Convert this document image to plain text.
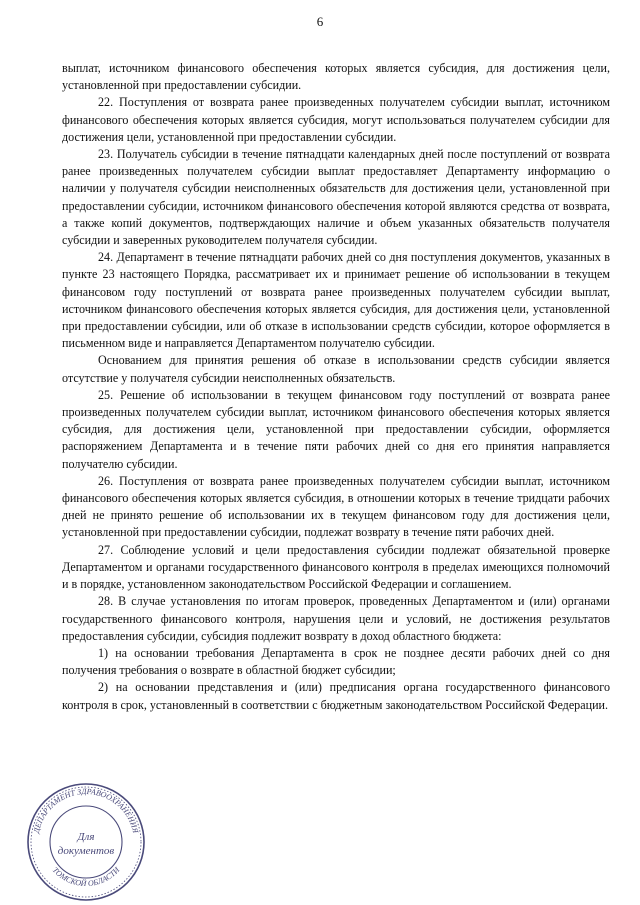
6

выплат, источником финансового обеспечения которых является субсидия, для достижения цели, установленной при предоставлении субсидии.

22. Поступления от возврата ранее произведенных получателем субсидии выплат, источником финансового обеспечения которых является субсидия, могут использоваться получателем субсидии для достижения цели, установленной при предоставлении субсидии.

23. Получатель субсидии в течение пятнадцати календарных дней после поступлений от возврата ранее произведенных получателем субсидии выплат предоставляет Департаменту информацию о наличии у получателя субсидии неисполненных обязательств для достижения цели, установленной при предоставлении субсидии, источником финансового обеспечения которой являются средства от возврата, а также копий документов, подтверждающих наличие и объем указанных обязательств получателя субсидии и заверенных руководителем получателя субсидии.

24. Департамент в течение пятнадцати рабочих дней со дня поступления документов, указанных в пункте 23 настоящего Порядка, рассматривает их и принимает решение об использовании в текущем финансовом году поступлений от возврата ранее произведенных получателем субсидии выплат, источником финансового обеспечения которых является субсидия, для достижения цели, установленной при предоставлении субсидии, или об отказе в использовании средств субсидии, которое оформляется в письменном виде и направляется Департаментом получателю субсидии.

Основанием для принятия решения об отказе в использовании средств субсидии является отсутствие у получателя субсидии неисполненных обязательств.

25. Решение об использовании в текущем финансовом году поступлений от возврата ранее произведенных получателем субсидии выплат, источником финансового обеспечения которых является субсидия, для достижения цели, установленной при предоставлении субсидии, оформляется распоряжением Департамента и в течение пяти рабочих дней со дня его принятия направляется получателю субсидии.

26. Поступления от возврата ранее произведенных получателем субсидии выплат, источником финансового обеспечения которых является субсидия, в отношении которых в течение тридцати рабочих дней не принято решение об использовании их в текущем финансовом году для достижения цели, установленной при предоставлении субсидии, подлежат возврату в течение пяти рабочих дней.

27. Соблюдение условий и цели предоставления субсидии подлежат обязательной проверке Департаментом и органами государственного финансового контроля в пределах имеющихся полномочий и в порядке, установленном законодательством Российской Федерации и соглашением.

28. В случае установления по итогам проверок, проведенных Департаментом и (или) органами государственного финансового контроля, нарушения цели и условий, не достижения результатов предоставления субсидии, субсидия подлежит возврату в доход областного бюджета:

1) на основании требования Департамента в срок не позднее десяти рабочих дней со дня получения требования о возврате в областной бюджет субсидии;

2) на основании представления и (или) предписания органа государственного финансового контроля в срок, установленный в соответствии с бюджетным законодательством Российской Федерации.

ДЕПАРТАМЕНТ ЗДРАВООХРАНЕНИЯ
ТОМСКОЙ ОБЛАСТИ
Для
документов
